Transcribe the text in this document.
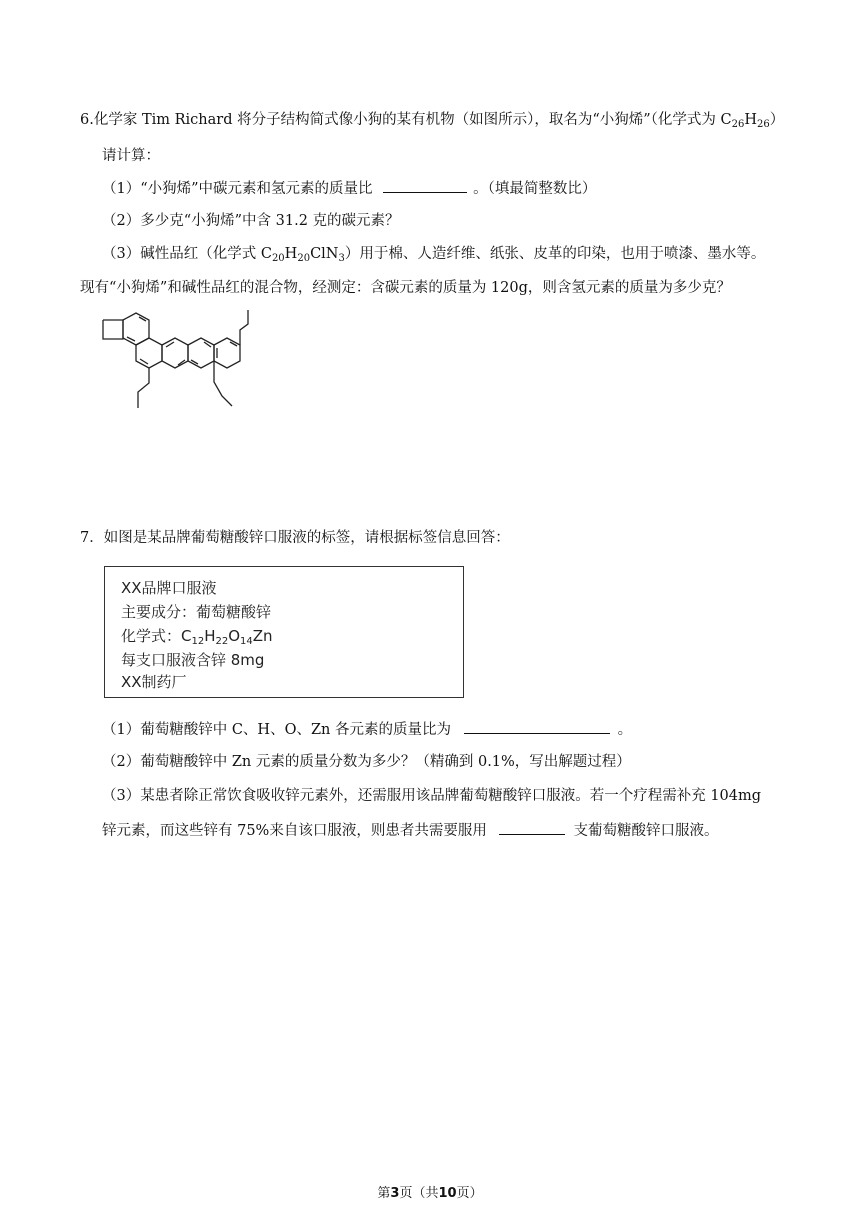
6.化学家 Tim Richard 将分子结构简式像小狗的某有机物（如图所示），取名为“小狗烯”（化学式为 $C_{26}H_{26}$）
请计算：
（1）“小狗烯”中碳元素和氢元素的质量比	。（填最简整数比）
（2）多少克“小狗烯”中含 31.2 克的碳元素？
（3）碱性品红（化学式 $C_{20}H_{20}ClN_3$）用于棉、人造纤维、纸张、皮革的印染，也用于喷漆、墨水等。
现有“小狗烯”和碱性品红的混合物，经测定：含碳元素的质量为 120g，则含氢元素的质量为多少克？
7．如图是某品牌葡萄糖酸锌口服液的标签，请根据标签信息回答：
XX品牌口服液
主要成分：葡萄糖酸锌
化学式：$C_{12}H_{22}O_{14}Zn$
每支口服液含锌 8mg
XX制药厂
（1）葡萄糖酸锌中 C、H、O、Zn 各元素的质量比为	。
（2）葡萄糖酸锌中 Zn 元素的质量分数为多少？（精确到 0.1%，写出解题过程）
（3）某患者除正常饮食吸收锌元素外，还需服用该品牌葡萄糖酸锌口服液。若一个疗程需补充 104mg
锌元素，而这些锌有 75%来自该口服液，则患者共需要服用	支葡萄糖酸锌口服液。
第3页（共10页）
